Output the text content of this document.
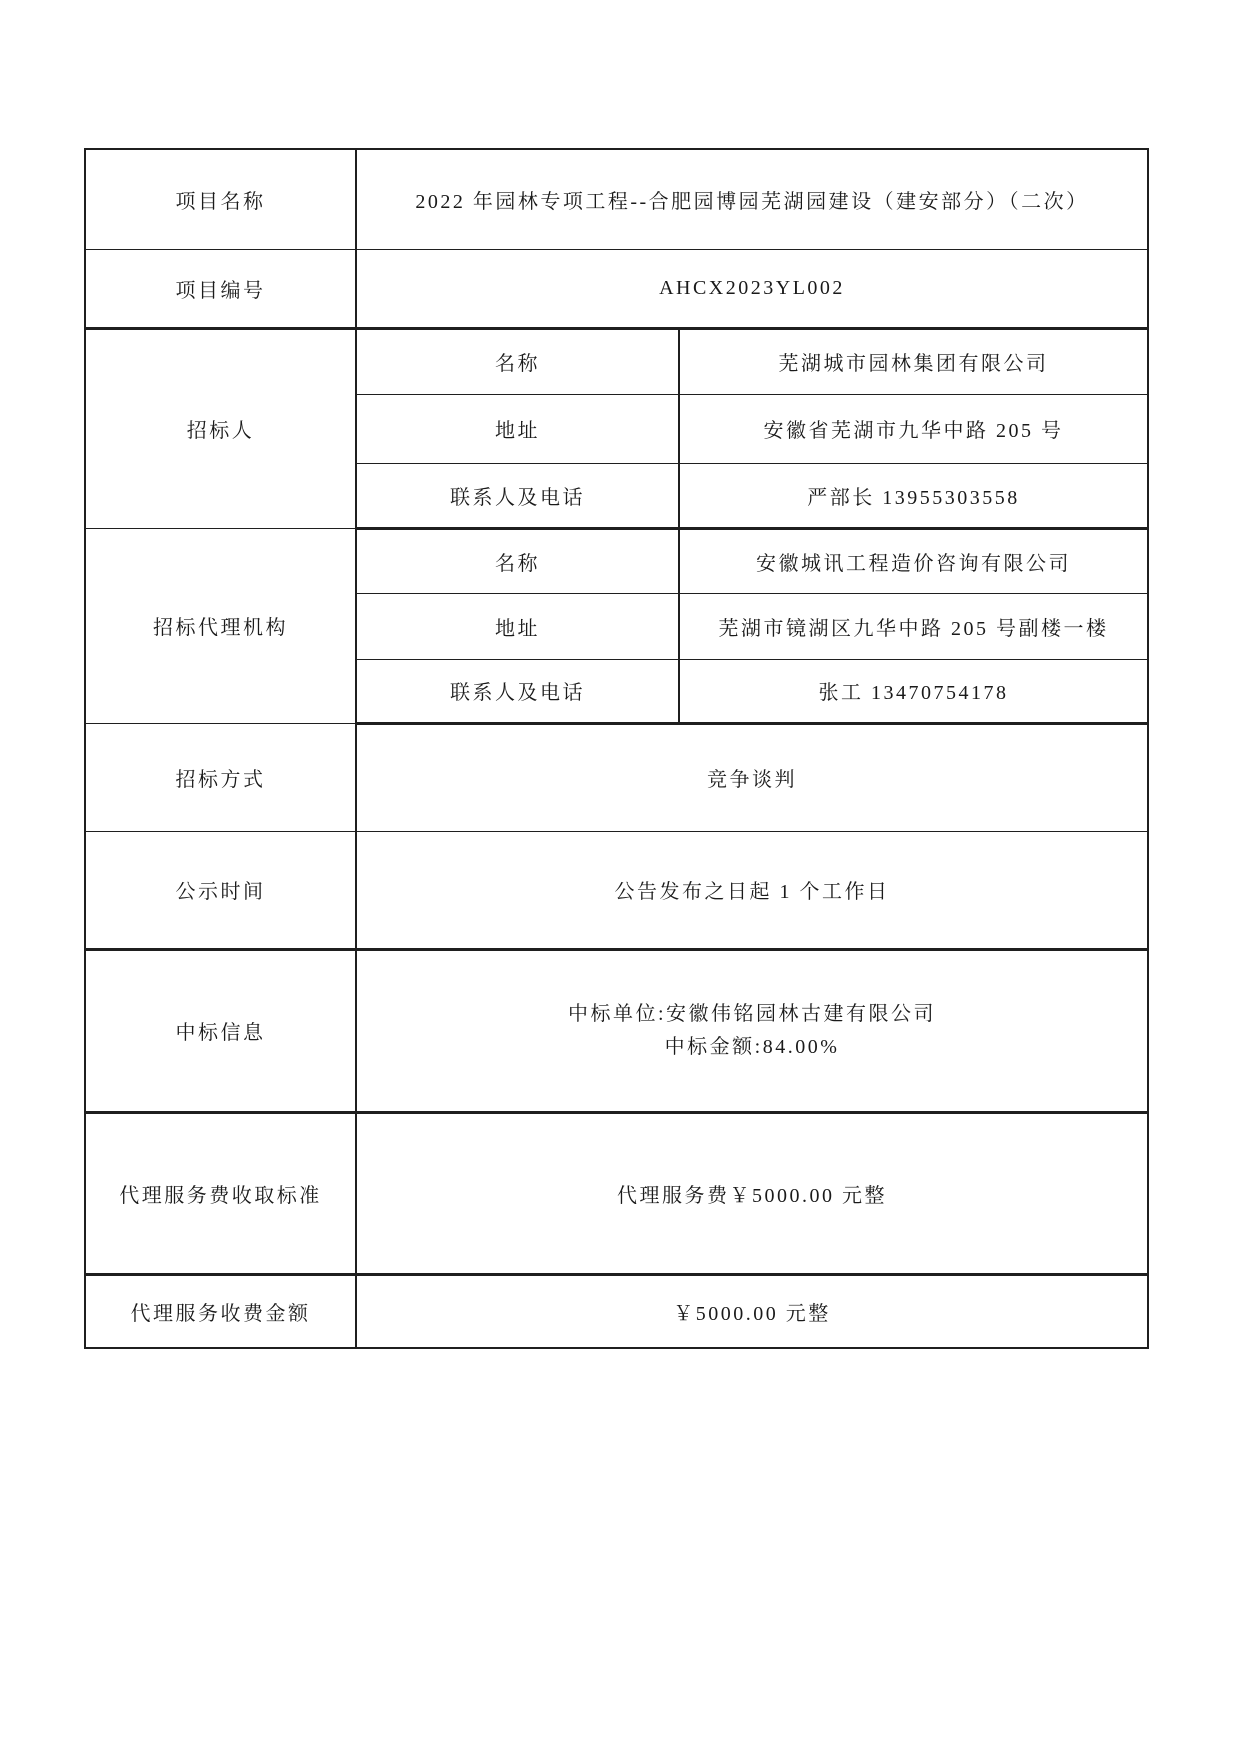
项目名称	2022 年园林专项工程--合肥园博园芜湖园建设（建安部分）（二次）	
项目编号	AHCX2023YL002	
招标人	名称	芜湖城市园林集团有限公司
	地址	安徽省芜湖市九华中路 205 号
	联系人及电话	严部长 13955303558
招标代理机构	名称	安徽城讯工程造价咨询有限公司
	地址	芜湖市镜湖区九华中路 205 号副楼一楼
	联系人及电话	张工 13470754178
招标方式	竞争谈判	
公示时间	公告发布之日起 1 个工作日	
中标信息	中标单位:安徽伟铭园林古建有限公司
中标金额:84.00%	

代理服务费收取标准	代理服务费￥5000.00 元整	
代理服务收费金额	￥5000.00 元整	
